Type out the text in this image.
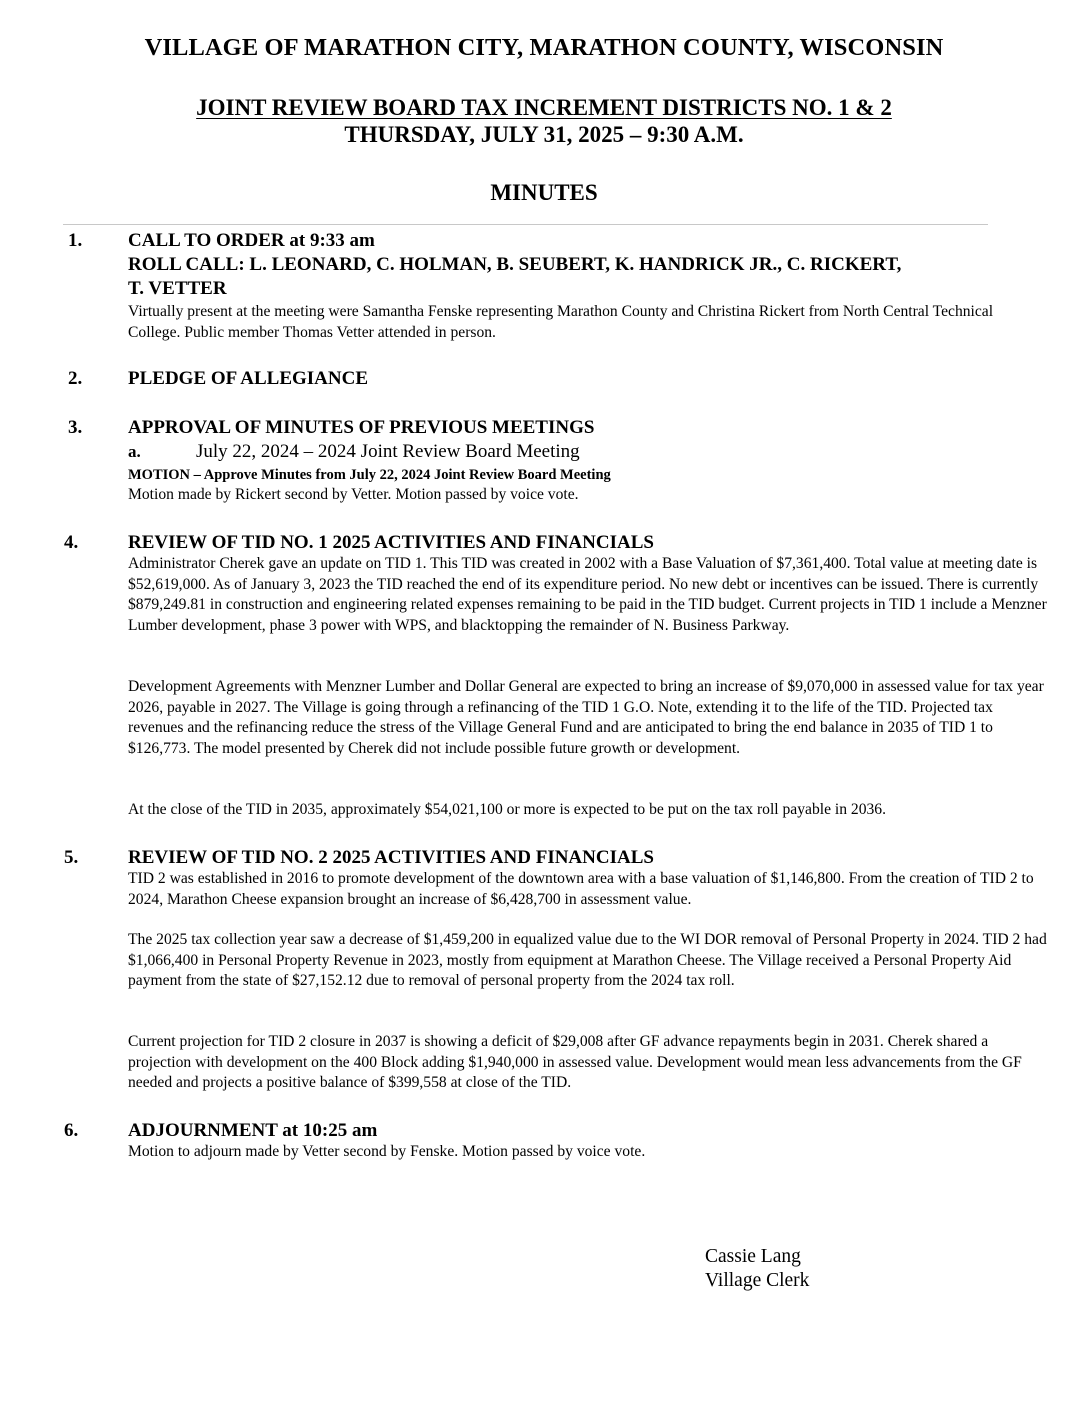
VILLAGE OF MARATHON CITY, MARATHON COUNTY, WISCONSIN
JOINT REVIEW BOARD TAX INCREMENT DISTRICTS NO. 1 & 2
THURSDAY, JULY 31, 2025 – 9:30 A.M.
MINUTES
1. CALL TO ORDER at 9:33 am
ROLL CALL: L. LEONARD, C. HOLMAN, B. SEUBERT, K. HANDRICK JR., C. RICKERT,
T. VETTER
Virtually present at the meeting were Samantha Fenske representing Marathon County and Christina Rickert from North Central Technical College. Public member Thomas Vetter attended in person.
2. PLEDGE OF ALLEGIANCE
3. APPROVAL OF MINUTES OF PREVIOUS MEETINGS
a.	July 22, 2024 – 2024 Joint Review Board Meeting
MOTION – Approve Minutes from July 22, 2024 Joint Review Board Meeting
Motion made by Rickert second by Vetter. Motion passed by voice vote.
4.	REVIEW OF TID NO. 1 2025 ACTIVITIES AND FINANCIALS
Administrator Cherek gave an update on TID 1. This TID was created in 2002 with a Base Valuation of $7,361,400. Total value at meeting date is $52,619,000. As of January 3, 2023 the TID reached the end of its expenditure period. No new debt or incentives can be issued. There is currently $879,249.81 in construction and engineering related expenses remaining to be paid in the TID budget. Current projects in TID 1 include a Menzner Lumber development, phase 3 power with WPS, and blacktopping the remainder of N. Business Parkway.
Development Agreements with Menzner Lumber and Dollar General are expected to bring an increase of $9,070,000 in assessed value for tax year 2026, payable in 2027. The Village is going through a refinancing of the TID 1 G.O. Note, extending it to the life of the TID. Projected tax revenues and the refinancing reduce the stress of the Village General Fund and are anticipated to bring the end balance in 2035 of TID 1 to $126,773. The model presented by Cherek did not include possible future growth or development.
At the close of the TID in 2035, approximately $54,021,100 or more is expected to be put on the tax roll payable in 2036.
5.	REVIEW OF TID NO. 2 2025 ACTIVITIES AND FINANCIALS
TID 2 was established in 2016 to promote development of the downtown area with a base valuation of $1,146,800. From the creation of TID 2 to 2024, Marathon Cheese expansion brought an increase of $6,428,700 in assessment value.
The 2025 tax collection year saw a decrease of $1,459,200 in equalized value due to the WI DOR removal of Personal Property in 2024. TID 2 had $1,066,400 in Personal Property Revenue in 2023, mostly from equipment at Marathon Cheese. The Village received a Personal Property Aid payment from the state of $27,152.12 due to removal of personal property from the 2024 tax roll.
Current projection for TID 2 closure in 2037 is showing a deficit of $29,008 after GF advance repayments begin in 2031. Cherek shared a projection with development on the 400 Block adding $1,940,000 in assessed value. Development would mean less advancements from the GF needed and projects a positive balance of $399,558 at close of the TID.
6.	ADJOURNMENT at 10:25 am
Motion to adjourn made by Vetter second by Fenske. Motion passed by voice vote.
Cassie Lang
Village Clerk
